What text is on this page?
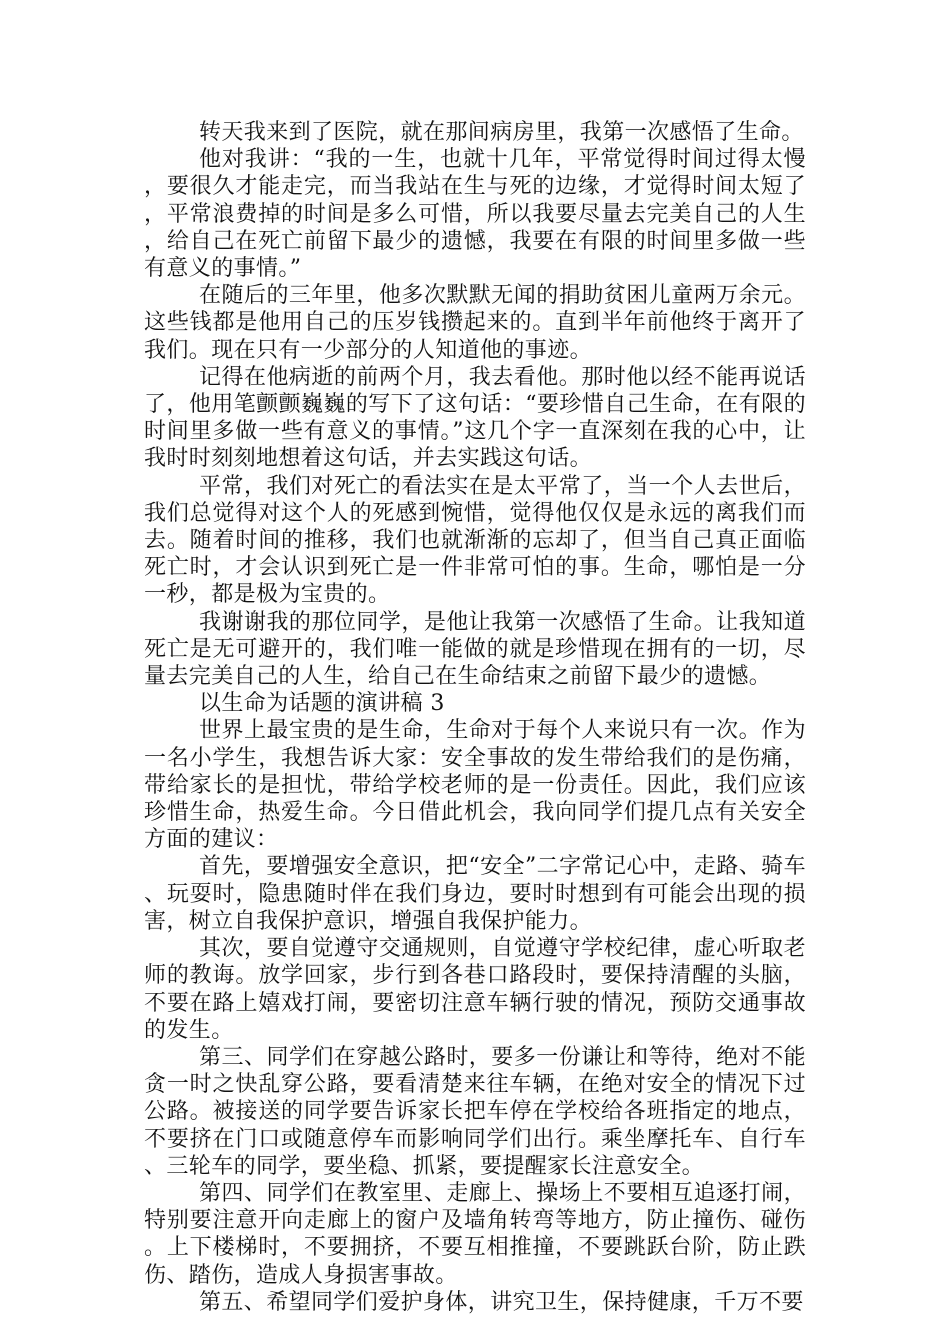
转天我来到了医院，就在那间病房里，我第一次感悟了生命。

他对我讲：“我的一生，也就十几年，平常觉得时间过得太慢，要很久才能走完，而当我站在生与死的边缘，才觉得时间太短了，平常浪费掉的时间是多么可惜，所以我要尽量去完美自己的人生，给自己在死亡前留下最少的遗憾，我要在有限的时间里多做一些有意义的事情。”

在随后的三年里，他多次默默无闻的捐助贫困儿童两万余元。这些钱都是他用自己的压岁钱攒起来的。直到半年前他终于离开了我们。现在只有一少部分的人知道他的事迹。

记得在他病逝的前两个月，我去看他。那时他以经不能再说话了，他用笔颤颤巍巍的写下了这句话：“要珍惜自己生命，在有限的时间里多做一些有意义的事情。”这几个字一直深刻在我的心中，让我时时刻刻地想着这句话，并去实践这句话。

平常，我们对死亡的看法实在是太平常了，当一个人去世后，我们总觉得对这个人的死感到惋惜，觉得他仅仅是永远的离我们而去。随着时间的推移，我们也就渐渐的忘却了，但当自己真正面临死亡时，才会认识到死亡是一件非常可怕的事。生命，哪怕是一分一秒，都是极为宝贵的。

我谢谢我的那位同学，是他让我第一次感悟了生命。让我知道死亡是无可避开的，我们唯一能做的就是珍惜现在拥有的一切，尽量去完美自己的人生，给自己在生命结束之前留下最少的遗憾。

以生命为话题的演讲稿 3

世界上最宝贵的是生命，生命对于每个人来说只有一次。作为一名小学生，我想告诉大家：安全事故的发生带给我们的是伤痛，带给家长的是担忧，带给学校老师的是一份责任。因此，我们应该珍惜生命，热爱生命。今日借此机会，我向同学们提几点有关安全方面的建议：

首先，要增强安全意识，把“安全”二字常记心中，走路、骑车、玩耍时，隐患随时伴在我们身边，要时时想到有可能会出现的损害，树立自我保护意识，增强自我保护能力。

其次，要自觉遵守交通规则，自觉遵守学校纪律，虚心听取老师的教诲。放学回家，步行到各巷口路段时，要保持清醒的头脑，不要在路上嬉戏打闹，要密切注意车辆行驶的情况，预防交通事故的发生。

第三、同学们在穿越公路时，要多一份谦让和等待，绝对不能贪一时之快乱穿公路，要看清楚来往车辆，在绝对安全的情况下过公路。被接送的同学要告诉家长把车停在学校给各班指定的地点，不要挤在门口或随意停车而影响同学们出行。乘坐摩托车、自行车、三轮车的同学，要坐稳、抓紧，要提醒家长注意安全。

第四、同学们在教室里、走廊上、操场上不要相互追逐打闹，特别要注意开向走廊上的窗户及墙角转弯等地方，防止撞伤、碰伤。上下楼梯时，不要拥挤，不要互相推撞，不要跳跃台阶，防止跌伤、踏伤，造成人身损害事故。

第五、希望同学们爱护身体，讲究卫生，保持健康，千万不要
